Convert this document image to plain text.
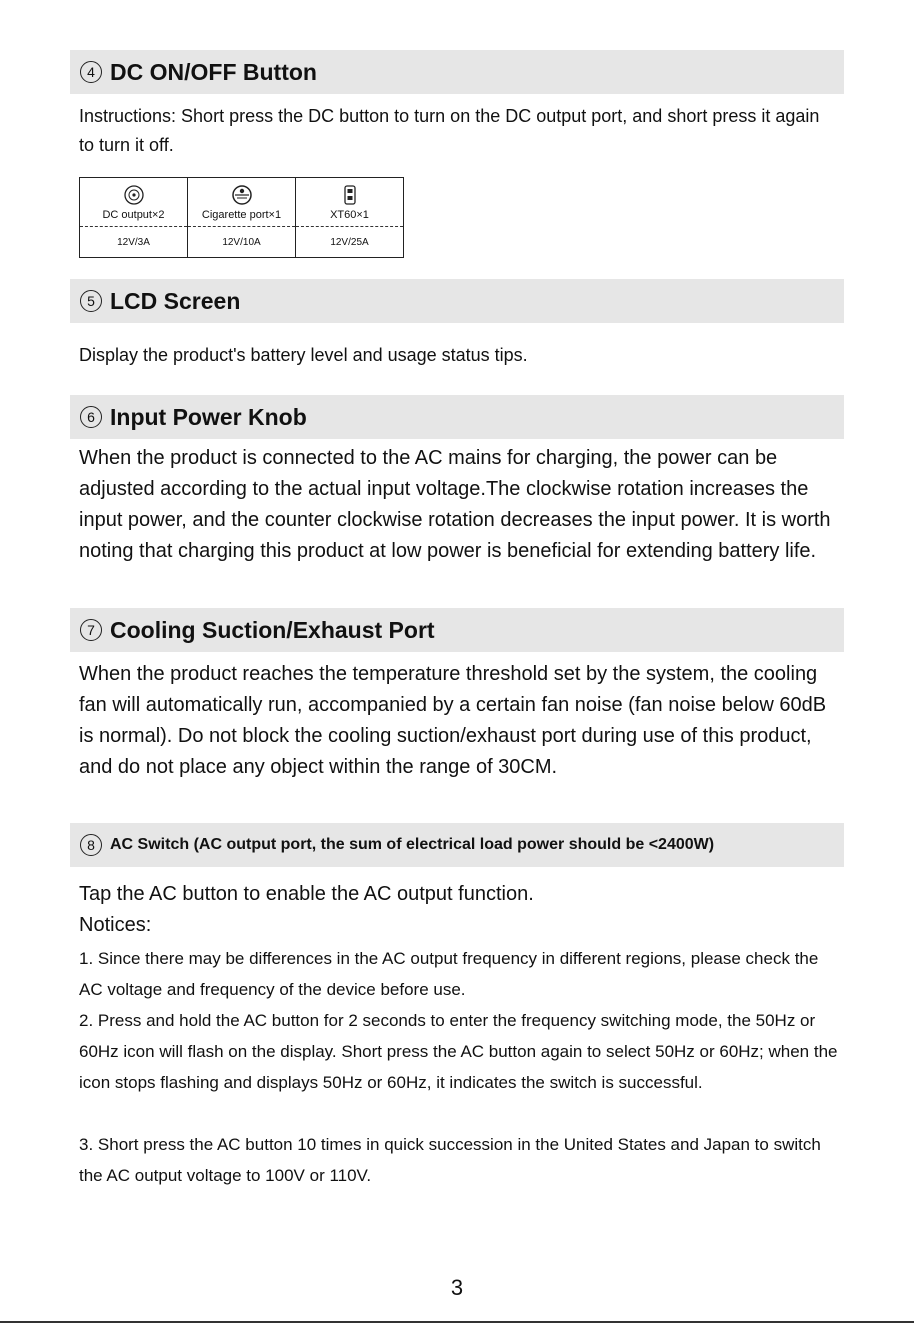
4 DC ON/OFF Button

Instructions: Short press the DC button to turn on the DC output port, and short press it again to turn it off.

DC output×2	Cigarette port×1	XT60×1
12V/3A	12V/10A	12V/25A
5 LCD Screen

Display the product's battery level and usage status tips.

6 Input Power Knob

When the product is connected to the AC mains for charging, the power can be adjusted according to the actual input voltage.The clockwise rotation increases the input power, and the counter clockwise rotation decreases the input power. It is worth noting that charging this product at low power is beneficial for extending battery life.

7 Cooling Suction/Exhaust Port

When the product reaches the temperature threshold set by the system, the cooling fan will automatically run, accompanied by a certain fan noise (fan noise below 60dB is normal). Do not block the cooling suction/exhaust port during use of this product, and do not place any object within the range of 30CM.

8 AC Switch (AC output port, the sum of electrical load power should be <2400W)

Tap the AC button to enable the AC output function.

Notices:

1. Since there may be differences in the AC output frequency in different regions, please check the AC voltage and frequency of the device before use.

2. Press and hold the AC button for 2 seconds to enter the frequency switching mode, the 50Hz or 60Hz icon will flash on the display. Short press the AC button again to select 50Hz or 60Hz; when the icon stops flashing and displays 50Hz or 60Hz, it indicates the switch is successful.

3. Short press the AC button 10 times in quick succession in the United States and Japan to switch the AC output voltage to 100V or 110V.

3
